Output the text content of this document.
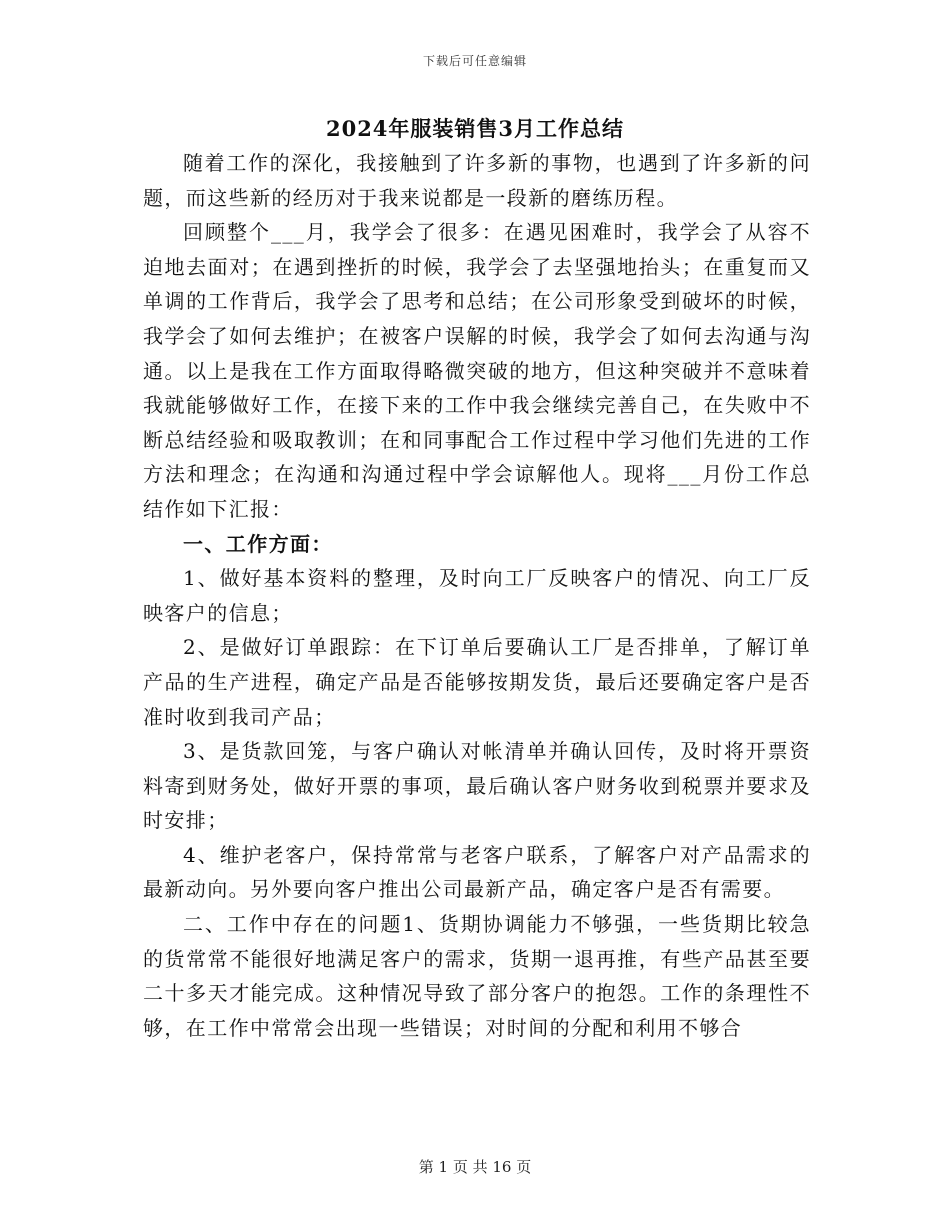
下载后可任意编辑
2024年服装销售3月工作总结

随着工作的深化，我接触到了许多新的事物，也遇到了许多新的问题，而这些新的经历对于我来说都是一段新的磨练历程。

回顾整个___月，我学会了很多：在遇见困难时，我学会了从容不迫地去面对；在遇到挫折的时候，我学会了去坚强地抬头；在重复而又单调的工作背后，我学会了思考和总结；在公司形象受到破坏的时候，我学会了如何去维护；在被客户误解的时候，我学会了如何去沟通与沟通。以上是我在工作方面取得略微突破的地方，但这种突破并不意味着我就能够做好工作，在接下来的工作中我会继续完善自己，在失败中不断总结经验和吸取教训；在和同事配合工作过程中学习他们先进的工作方法和理念；在沟通和沟通过程中学会谅解他人。现将___月份工作总结作如下汇报：

一、工作方面：

1、做好基本资料的整理，及时向工厂反映客户的情况、向工厂反映客户的信息；

2、是做好订单跟踪：在下订单后要确认工厂是否排单，了解订单产品的生产进程，确定产品是否能够按期发货，最后还要确定客户是否准时收到我司产品；

3、是货款回笼，与客户确认对帐清单并确认回传，及时将开票资料寄到财务处，做好开票的事项，最后确认客户财务收到税票并要求及时安排；

4、维护老客户，保持常常与老客户联系，了解客户对产品需求的最新动向。另外要向客户推出公司最新产品，确定客户是否有需要。

二、工作中存在的问题1、货期协调能力不够强，一些货期比较急的货常常不能很好地满足客户的需求，货期一退再推，有些产品甚至要二十多天才能完成。这种情况导致了部分客户的抱怨。工作的条理性不够，在工作中常常会出现一些错误；对时间的分配和利用不够合

第 1 页 共 16 页
